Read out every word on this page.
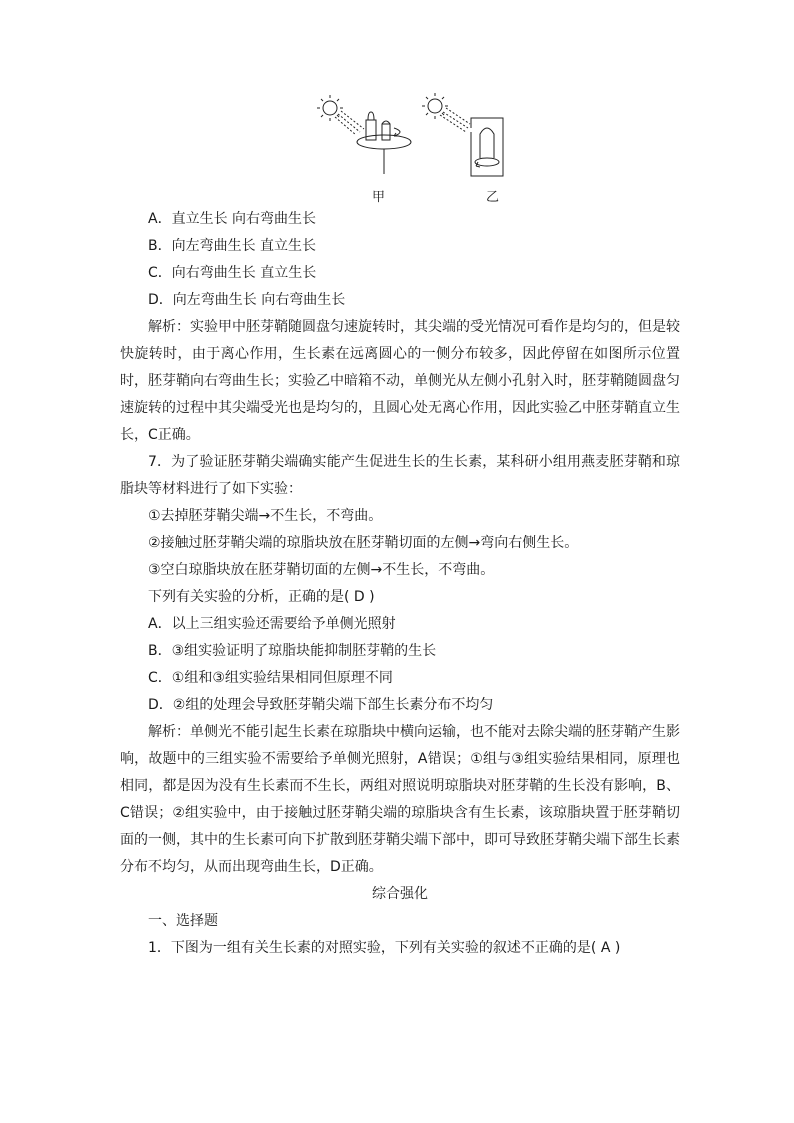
甲	乙

A．直立生长 向右弯曲生长

B．向左弯曲生长 直立生长

C．向右弯曲生长 直立生长

D．向左弯曲生长 向右弯曲生长

解析：实验甲中胚芽鞘随圆盘匀速旋转时，其尖端的受光情况可看作是均匀的，但是较快旋转时，由于离心作用，生长素在远离圆心的一侧分布较多，因此停留在如图所示位置时，胚芽鞘向右弯曲生长；实验乙中暗箱不动，单侧光从左侧小孔射入时，胚芽鞘随圆盘匀速旋转的过程中其尖端受光也是均匀的，且圆心处无离心作用，因此实验乙中胚芽鞘直立生长，C正确。

7．为了验证胚芽鞘尖端确实能产生促进生长的生长素，某科研小组用燕麦胚芽鞘和琼脂块等材料进行了如下实验：

①去掉胚芽鞘尖端→不生长，不弯曲。

②接触过胚芽鞘尖端的琼脂块放在胚芽鞘切面的左侧→弯向右侧生长。

③空白琼脂块放在胚芽鞘切面的左侧→不生长，不弯曲。

下列有关实验的分析，正确的是( D )

A．以上三组实验还需要给予单侧光照射

B．③组实验证明了琼脂块能抑制胚芽鞘的生长

C．①组和③组实验结果相同但原理不同

D．②组的处理会导致胚芽鞘尖端下部生长素分布不均匀

解析：单侧光不能引起生长素在琼脂块中横向运输，也不能对去除尖端的胚芽鞘产生影响，故题中的三组实验不需要给予单侧光照射，A错误；①组与③组实验结果相同，原理也相同，都是因为没有生长素而不生长，两组对照说明琼脂块对胚芽鞘的生长没有影响，B、C错误；②组实验中，由于接触过胚芽鞘尖端的琼脂块含有生长素，该琼脂块置于胚芽鞘切面的一侧，其中的生长素可向下扩散到胚芽鞘尖端下部中，即可导致胚芽鞘尖端下部生长素分布不均匀，从而出现弯曲生长，D正确。

综合强化

一、选择题

1．下图为一组有关生长素的对照实验，下列有关实验的叙述不正确的是( A )
